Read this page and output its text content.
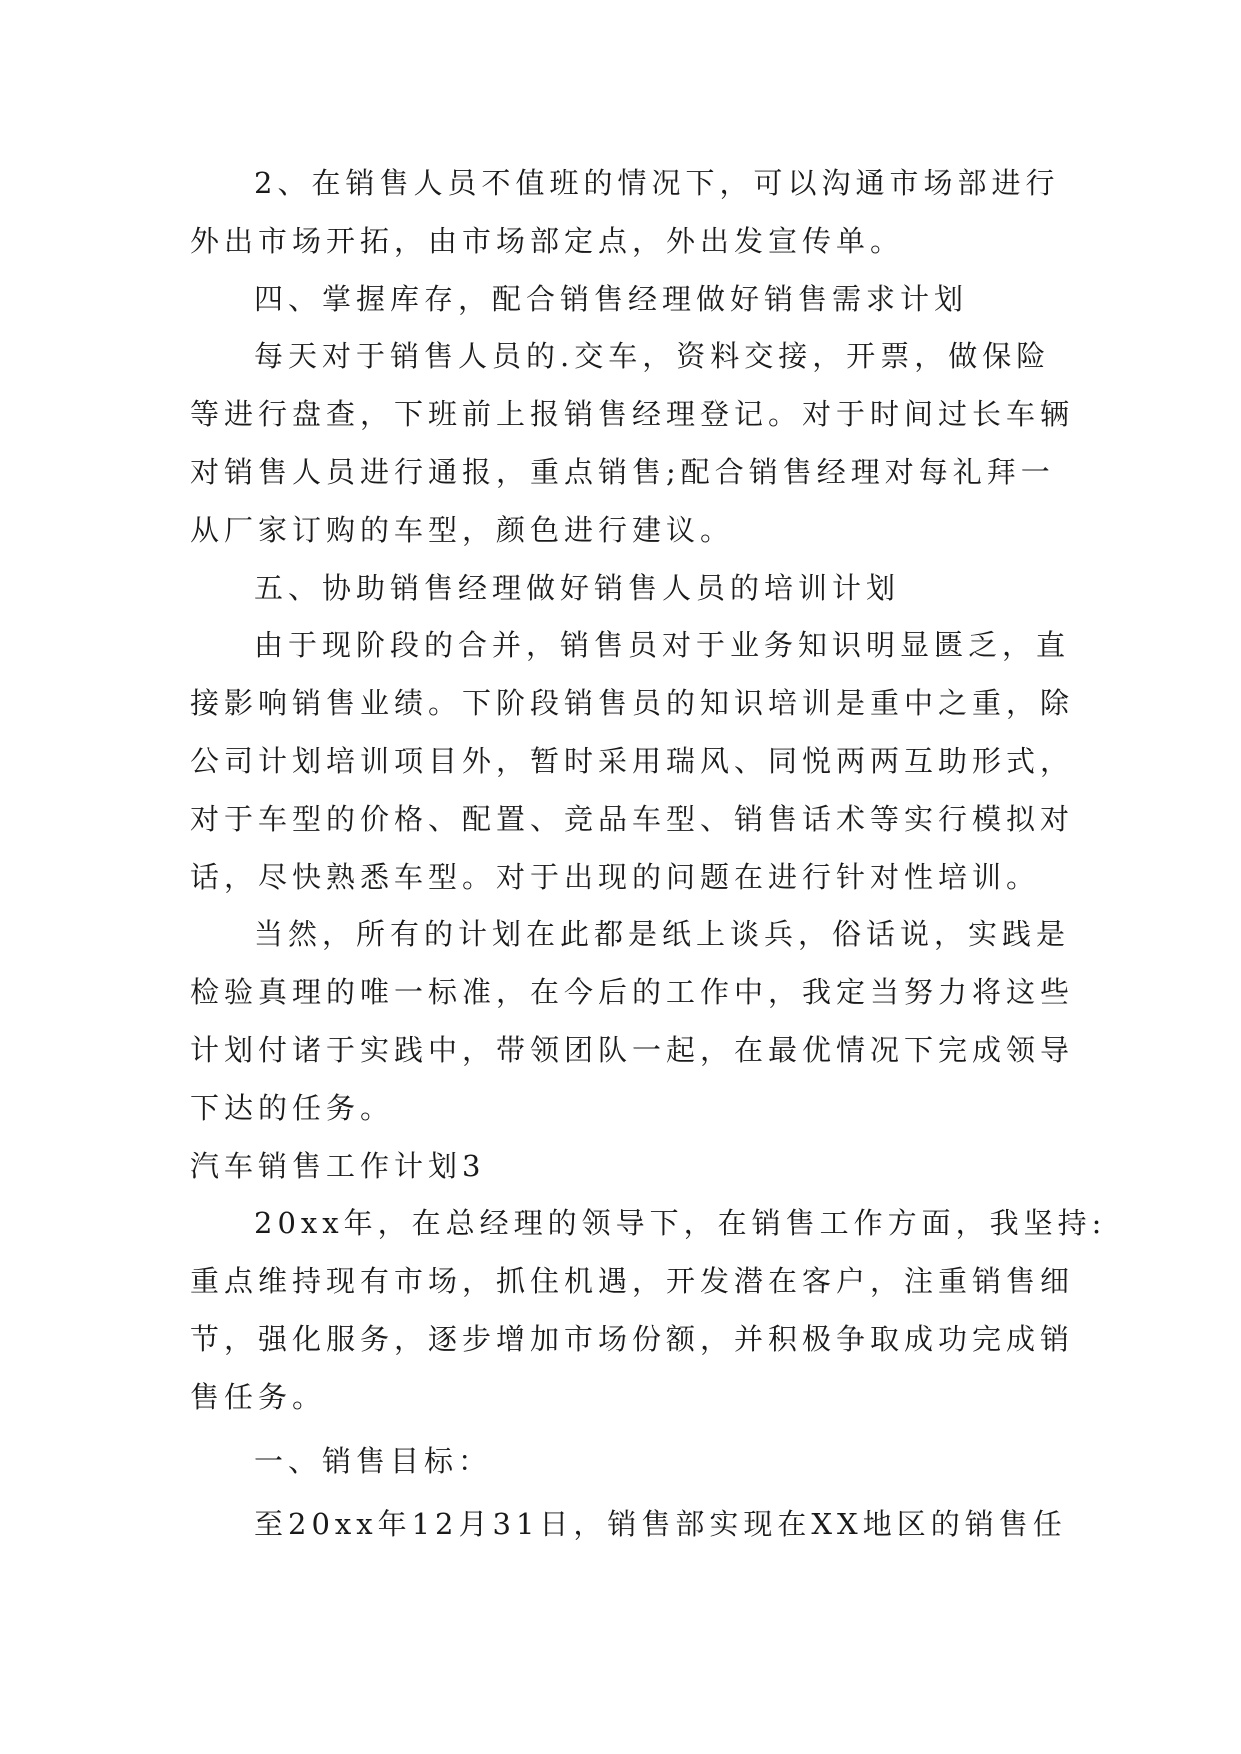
2、在销售人员不值班的情况下，可以沟通市场部进行

外出市场开拓，由市场部定点，外出发宣传单。

四、掌握库存，配合销售经理做好销售需求计划

每天对于销售人员的.交车，资料交接，开票，做保险

等进行盘查，下班前上报销售经理登记。对于时间过长车辆

对销售人员进行通报，重点销售;配合销售经理对每礼拜一

从厂家订购的车型，颜色进行建议。

五、协助销售经理做好销售人员的培训计划

由于现阶段的合并，销售员对于业务知识明显匮乏，直

接影响销售业绩。下阶段销售员的知识培训是重中之重，除

公司计划培训项目外，暂时采用瑞风、同悦两两互助形式，

对于车型的价格、配置、竞品车型、销售话术等实行模拟对

话，尽快熟悉车型。对于出现的问题在进行针对性培训。

当然，所有的计划在此都是纸上谈兵，俗话说，实践是

检验真理的唯一标准，在今后的工作中，我定当努力将这些

计划付诸于实践中，带领团队一起，在最优情况下完成领导

下达的任务。

汽车销售工作计划3

20xx年，在总经理的领导下，在销售工作方面，我坚持:

重点维持现有市场，抓住机遇，开发潜在客户，注重销售细

节，强化服务，逐步增加市场份额，并积极争取成功完成销

售任务。

一、销售目标：

至20xx年12月31日，销售部实现在XX地区的销售任
